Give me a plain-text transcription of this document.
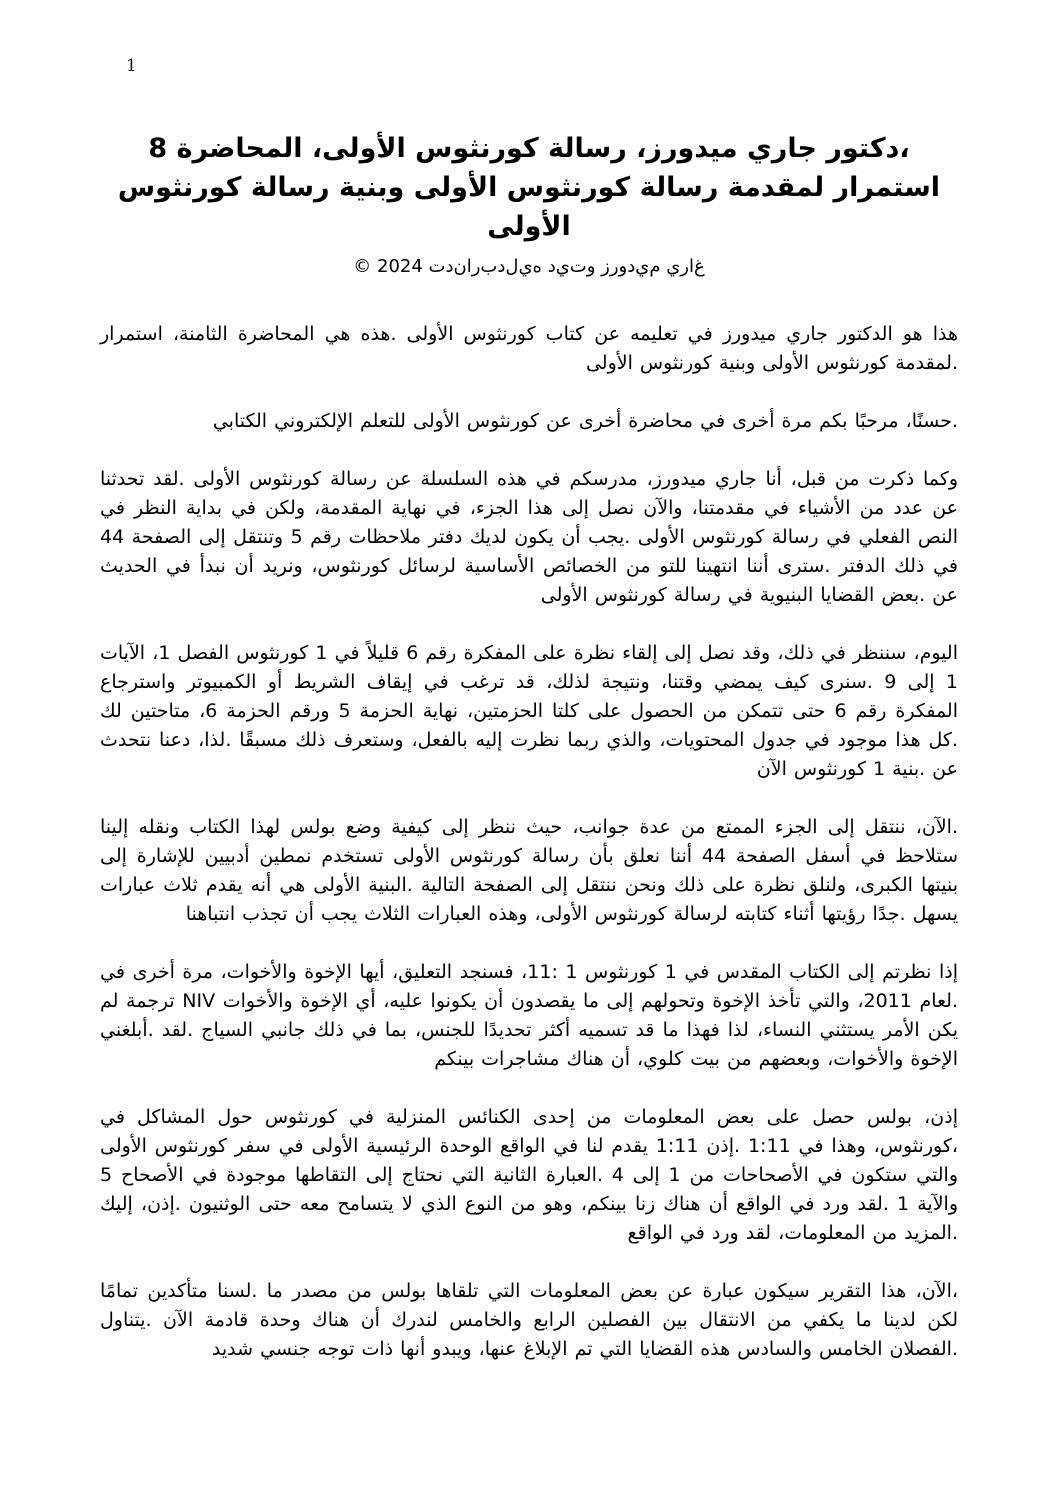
1
،دكتور جاري ميدورز، رسالة كورنثوس الأولى، المحاضرة 8
استمرار لمقدمة رسالة كورنثوس الأولى وبنية رسالة كورنثوس
الأولى
غ‌ا‌ر‌ي م‌ي‌د‌و‌ر‌ز و‌ت‌ي‌د ه‌ي‌ل‌د‌ب‌ر‌ا‌ن‌د‌ت 2024 ©

هذا هو الدكتور جاري ميدورز في تعليمه عن كتاب كورنثوس الأولى .هذه هي المحاضرة الثامنة، استمرار .لمقدمة كورنثوس الأولى وبنية كورنثوس الأولى

.حسنًا، مرحبًا بكم مرة أخرى في محاضرة أخرى عن كورنثوس الأولى للتعلم الإلكتروني الكتابي

وكما ذكرت من قبل، أنا جاري ميدورز، مدرسكم في هذه السلسلة عن رسالة كورنثوس الأولى .لقد تحدثنا عن عدد من الأشياء في مقدمتنا، والآن نصل إلى هذا الجزء، في نهاية المقدمة، ولكن في بداية النظر في النص الفعلي في رسالة كورنثوس الأولى .يجب أن يكون لديك دفتر ملاحظات رقم 5 وتنتقل إلى الصفحة 44 في ذلك الدفتر .سترى أننا انتهينا للتو من الخصائص الأساسية لرسائل كورنثوس، ونريد أن نبدأ في الحديث عن .بعض القضايا البنيوية في رسالة كورنثوس الأولى

اليوم، سننظر في ذلك، وقد نصل إلى إلقاء نظرة على المفكرة رقم 6 قليلاً في 1 كورنثوس الفصل 1، الآيات 1 إلى 9 .سنرى كيف يمضي وقتنا، ونتيجة لذلك، قد ترغب في إيقاف الشريط أو الكمبيوتر واسترجاع المفكرة رقم 6 حتى تتمكن من الحصول على كلتا الحزمتين، نهاية الحزمة 5 ورقم الحزمة 6، متاحتين لك .كل هذا موجود في جدول المحتويات، والذي ربما نظرت إليه بالفعل، وستعرف ذلك مسبقًا .لذا، دعنا نتحدث عن .بنية 1 كورنثوس الآن

.الآن، ننتقل إلى الجزء الممتع من عدة جوانب، حيث ننظر إلى كيفية وضع بولس لهذا الكتاب ونقله إلينا ستلاحظ في أسفل الصفحة 44 أننا نعلق بأن رسالة كورنثوس الأولى تستخدم نمطين أدبيين للإشارة إلى بنيتها الكبرى، ولنلق نظرة على ذلك ونحن ننتقل إلى الصفحة التالية .البنية الأولى هي أنه يقدم ثلاث عبارات يسهل .جدًا رؤيتها أثناء كتابته لرسالة كورنثوس الأولى، وهذه العبارات الثلاث يجب أن تجذب انتباهنا

إذا نظرتم إلى الكتاب المقدس في 1 كورنثوس 1 :11، فسنجد التعليق، أيها الإخوة والأخوات، مرة أخرى في .لعام 2011، والتي تأخذ الإخوة وتحولهم إلى ما يقصدون أن يكونوا عليه، أي الإخوة والأخوات NIV ترجمة لم يكن الأمر يستثني النساء، لذا فهذا ما قد تسميه أكثر تحديدًا للجنس، بما في ذلك جانبي السياج .لقد .أبلغني الإخوة والأخوات، وبعضهم من بيت كلوي، أن هناك مشاجرات بينكم

إذن، بولس حصل على بعض المعلومات من إحدى الكنائس المنزلية في كورنثوس حول المشاكل في ،كورنثوس، وهذا في 1:11 .إذن 1:11 يقدم لنا في الواقع الوحدة الرئيسية الأولى في سفر كورنثوس الأولى والتي ستكون في الأصحاحات من 1 إلى 4 .العبارة الثانية التي نحتاج إلى التقاطها موجودة في الأصحاح 5 والآية 1 .لقد ورد في الواقع أن هناك زنا بينكم، وهو من النوع الذي لا يتسامح معه حتى الوثنيون .إذن، إليك .المزيد من المعلومات، لقد ورد في الواقع

،الآن، هذا التقرير سيكون عبارة عن بعض المعلومات التي تلقاها بولس من مصدر ما .لسنا متأكدين تمامًا لكن لدينا ما يكفي من الانتقال بين الفصلين الرابع والخامس لندرك أن هناك وحدة قادمة الآن .يتناول .الفصلان الخامس والسادس هذه القضايا التي تم الإبلاغ عنها، ويبدو أنها ذات توجه جنسي شديد
